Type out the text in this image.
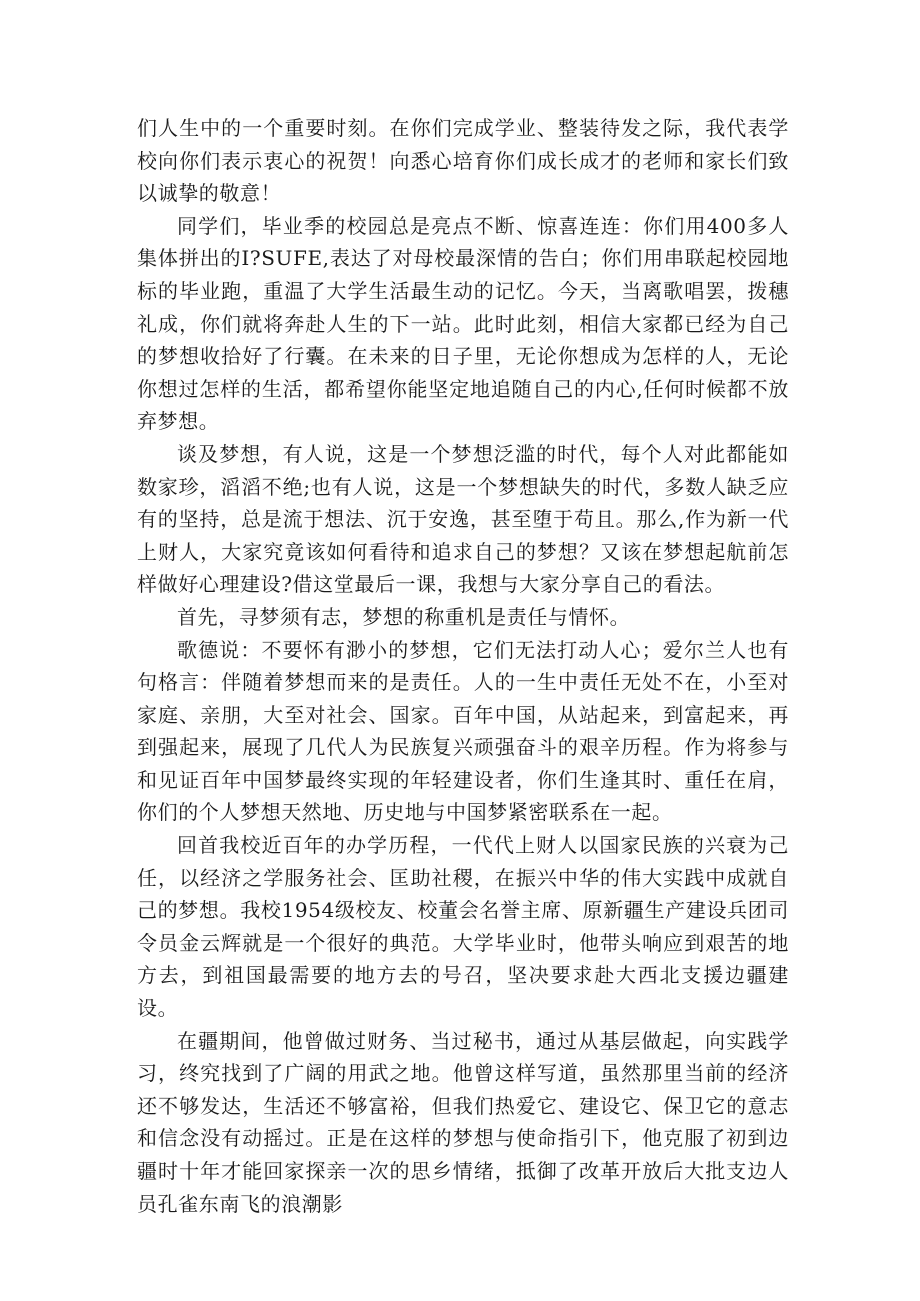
们人生中的一个重要时刻。在你们完成学业、整装待发之际，我代表学校向你们表示衷心的祝贺！向悉心培育你们成长成才的老师和家长们致以诚挚的敬意！

同学们，毕业季的校园总是亮点不断、惊喜连连：你们用400多人集体拼出的I?SUFE,表达了对母校最深情的告白；你们用串联起校园地标的毕业跑，重温了大学生活最生动的记忆。今天，当离歌唱罢，拨穗礼成，你们就将奔赴人生的下一站。此时此刻，相信大家都已经为自己的梦想收拾好了行囊。在未来的日子里，无论你想成为怎样的人，无论你想过怎样的生活，都希望你能坚定地追随自己的内心,任何时候都不放弃梦想。

谈及梦想，有人说，这是一个梦想泛滥的时代，每个人对此都能如数家珍，滔滔不绝;也有人说，这是一个梦想缺失的时代，多数人缺乏应有的坚持，总是流于想法、沉于安逸，甚至堕于苟且。那么,作为新一代上财人，大家究竟该如何看待和追求自己的梦想？又该在梦想起航前怎样做好心理建设?借这堂最后一课，我想与大家分享自己的看法。

首先，寻梦须有志，梦想的称重机是责任与情怀。

歌德说：不要怀有渺小的梦想，它们无法打动人心；爱尔兰人也有句格言：伴随着梦想而来的是责任。人的一生中责任无处不在，小至对家庭、亲朋，大至对社会、国家。百年中国，从站起来，到富起来，再到强起来，展现了几代人为民族复兴顽强奋斗的艰辛历程。作为将参与和见证百年中国梦最终实现的年轻建设者，你们生逢其时、重任在肩，你们的个人梦想天然地、历史地与中国梦紧密联系在一起。

回首我校近百年的办学历程，一代代上财人以国家民族的兴衰为己任，以经济之学服务社会、匡助社稷，在振兴中华的伟大实践中成就自己的梦想。我校1954级校友、校董会名誉主席、原新疆生产建设兵团司令员金云辉就是一个很好的典范。大学毕业时，他带头响应到艰苦的地方去，到祖国最需要的地方去的号召，坚决要求赴大西北支援边疆建设。

在疆期间，他曾做过财务、当过秘书，通过从基层做起，向实践学习，终究找到了广阔的用武之地。他曾这样写道，虽然那里当前的经济还不够发达，生活还不够富裕，但我们热爱它、建设它、保卫它的意志和信念没有动摇过。正是在这样的梦想与使命指引下，他克服了初到边疆时十年才能回家探亲一次的思乡情绪，抵御了改革开放后大批支边人员孔雀东南飞的浪潮影
